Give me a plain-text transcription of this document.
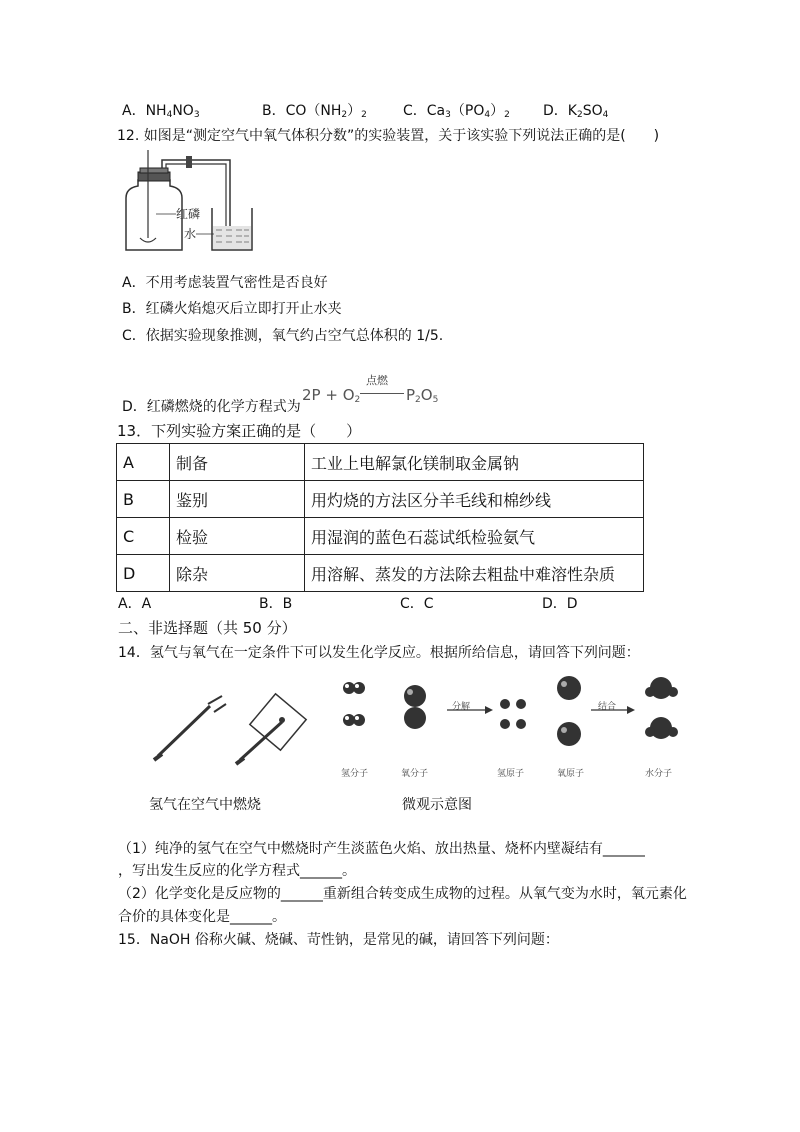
A．$NH_4NO_3$	B．$CO(NH_2)_2$	C．$Ca_3(PO_4)_2$ D．$K_2SO_4$
12. 如图是“测定空气中氧气体积分数”的实验装置，关于该实验下列说法正确的是(　　)
红磷
水
A．不用考虑装置气密性是否良好
B．红磷火焰熄灭后立即打开止水夹
C．依据实验现象推测，氧气约占空气总体积的 1/5.
D．红磷燃烧的化学方程式为
$2P + O_2$
点燃
$P_2O_5$
13．下列实验方案正确的是（　　）
A	制备	工业上电解氯化镁制取金属钠
B	鉴别	用灼烧的方法区分羊毛线和棉纱线
C	检验	用湿润的蓝色石蕊试纸检验氨气
D	除杂	用溶解、蒸发的方法除去粗盐中难溶性杂质
A．A	B．B	C．C	D．D
二、非选择题（共 50 分）
14．氢气与氧气在一定条件下可以发生化学反应。根据所给信息，请回答下列问题：
氢分子	氧分子
分解
氢原子	氧原子
结合
水分子
氢气在空气中燃烧	微观示意图
（1）纯净的氢气在空气中燃烧时产生淡蓝色火焰、放出热量、烧杯内壁凝结有______
，写出发生反应的化学方程式______。
（2）化学变化是反应物的______重新组合转变成生成物的过程。从氧气变为水时，氧元素化
合价的具体变化是______。
15．NaOH 俗称火碱、烧碱、苛性钠，是常见的碱，请回答下列问题：
